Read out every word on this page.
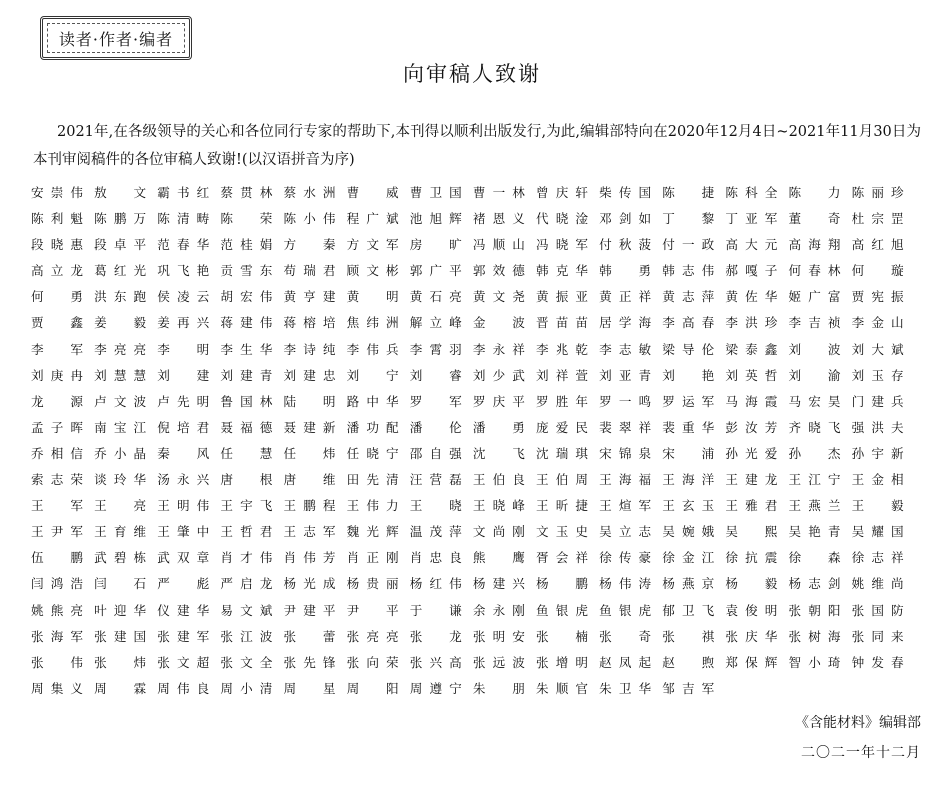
读者·作者·编者
向审稿人致谢
2021年,在各级领导的关心和各位同行专家的帮助下,本刊得以顺利出版发行,为此,编辑部特向在2020年12月4日~2021年11月30日为本刊审阅稿件的各位审稿人致谢!(以汉语拼音为序)
安崇伟 敖文 霸书红 蔡贯林 蔡水洲 曹威 曹卫国 曹一林 曾庆轩 柴传国 陈捷 陈科全 陈力 陈丽珍
陈利魁 陈鹏万 陈清畴 陈荣 陈小伟 程广斌 池旭辉 褚恩义 代晓淦 邓剑如 丁黎 丁亚军 董奇 杜宗罡
段晓惠 段卓平 范春华 范桂娟 方秦 方文军 房旷 冯顺山 冯晓军 付秋菠 付一政 高大元 高海翔 高红旭
高立龙 葛红光 巩飞艳 贡雪东 苟瑞君 顾文彬 郭广平 郭效德 韩克华 韩勇 韩志伟 郝嘎子 何春林 何璇
何勇 洪东跑 侯凌云 胡宏伟 黄亨建 黄明 黄石亮 黄文尧 黄振亚 黄正祥 黄志萍 黄佐华 姬广富 贾宪振
贾鑫 姜毅 姜再兴 蒋建伟 蒋榕培 焦纬洲 解立峰 金波 晋苗苗 居学海 李高春 李洪珍 李吉祯 李金山
李军 李亮亮 李明 李生华 李诗纯 李伟兵 李霄羽 李永祥 李兆乾 李志敏 梁导伦 梁泰鑫 刘波 刘大斌
刘庚冉 刘慧慧 刘建 刘建青 刘建忠 刘宁 刘睿 刘少武 刘祥萱 刘亚青 刘艳 刘英哲 刘渝 刘玉存
龙源 卢文波 卢先明 鲁国林 陆明 路中华 罗军 罗庆平 罗胜年 罗一鸣 罗运军 马海霞 马宏昊 门建兵
孟子晖 南宝江 倪培君 聂福德 聂建新 潘功配 潘伦 潘勇 庞爱民 裴翠祥 裴重华 彭汝芳 齐晓飞 强洪夫
乔相信 乔小晶 秦风 任慧 任炜 任晓宁 邵自强 沈飞 沈瑞琪 宋锦泉 宋浦 孙光爱 孙杰 孙宇新
索志荣 谈玲华 汤永兴 唐根 唐维 田先清 汪营磊 王伯良 王伯周 王海福 王海洋 王建龙 王江宁 王金相
王军 王亮 王明伟 王宇飞 王鹏程 王伟力 王晓 王晓峰 王昕捷 王煊军 王玄玉 王雅君 王燕兰 王毅
王尹军 王育维 王肇中 王哲君 王志军 魏光辉 温茂萍 文尚刚 文玉史 吴立志 吴婉娥 吴熙 吴艳青 吴耀国
伍鹏 武碧栋 武双章 肖才伟 肖伟芳 肖正刚 肖忠良 熊鹰 胥会祥 徐传豪 徐金江 徐抗震 徐森 徐志祥
闫鸿浩 闫石 严彪 严启龙 杨光成 杨贵丽 杨红伟 杨建兴 杨鹏 杨伟涛 杨燕京 杨毅 杨志剑 姚维尚
姚熊亮 叶迎华 仪建华 易文斌 尹建平 尹平 于谦 余永刚 鱼银虎 鱼银虎 郁卫飞 袁俊明 张朝阳 张国防
张海军 张建国 张建军 张江波 张蕾 张亮亮 张龙 张明安 张楠 张奇 张祺 张庆华 张树海 张同来
张伟 张炜 张文超 张文全 张先锋 张向荣 张兴高 张远波 张增明 赵凤起 赵煦 郑保辉 智小琦 钟发春
周集义 周霖 周伟良 周小清 周星 周阳 周遵宁 朱朋 朱顺官 朱卫华 邹吉军
《含能材料》编辑部
二〇二一年十二月
